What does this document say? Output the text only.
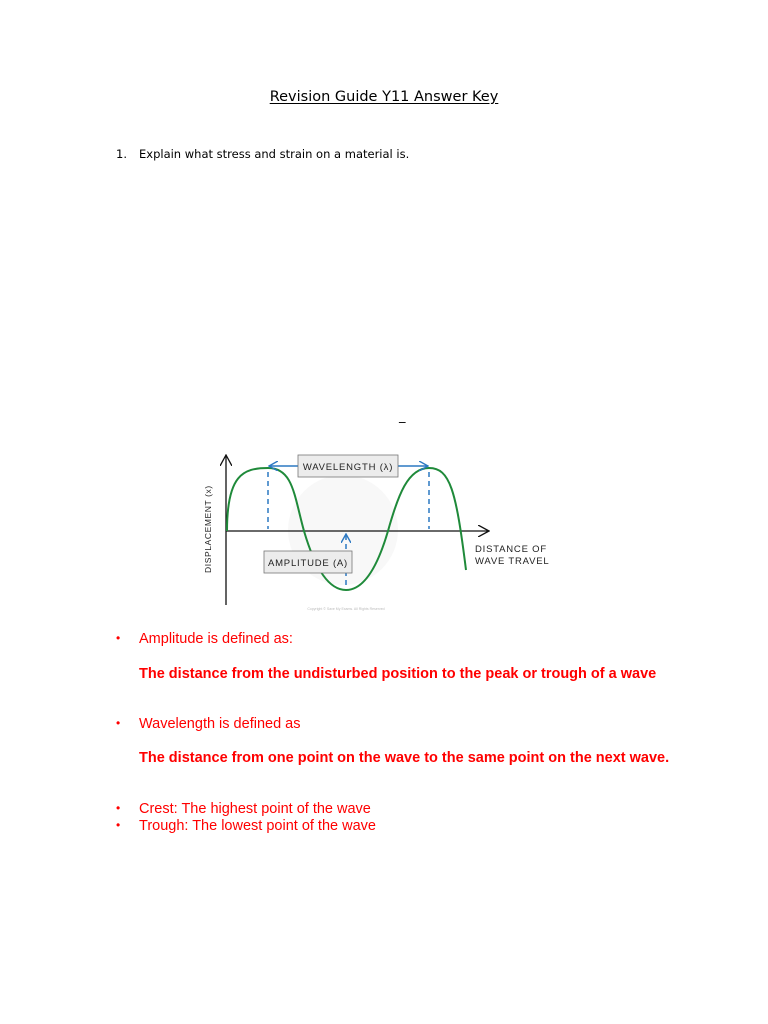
Revision Guide Y11 Answer Key
1. Explain what stress and strain on a material is.
_
DISPLACEMENT (x)	DISTANCE OF
WAVE TRAVEL
WAVELENGTH (λ)
AMPLITUDE (A)
Copyright © Save My Exams. All Rights Reserved
• Amplitude is defined as:
The distance from the undisturbed position to the peak or trough of a wave
• Wavelength is defined as
The distance from one point on the wave to the same point on the next wave.
• Crest: The highest point of the wave
• Trough: The lowest point of the wave
